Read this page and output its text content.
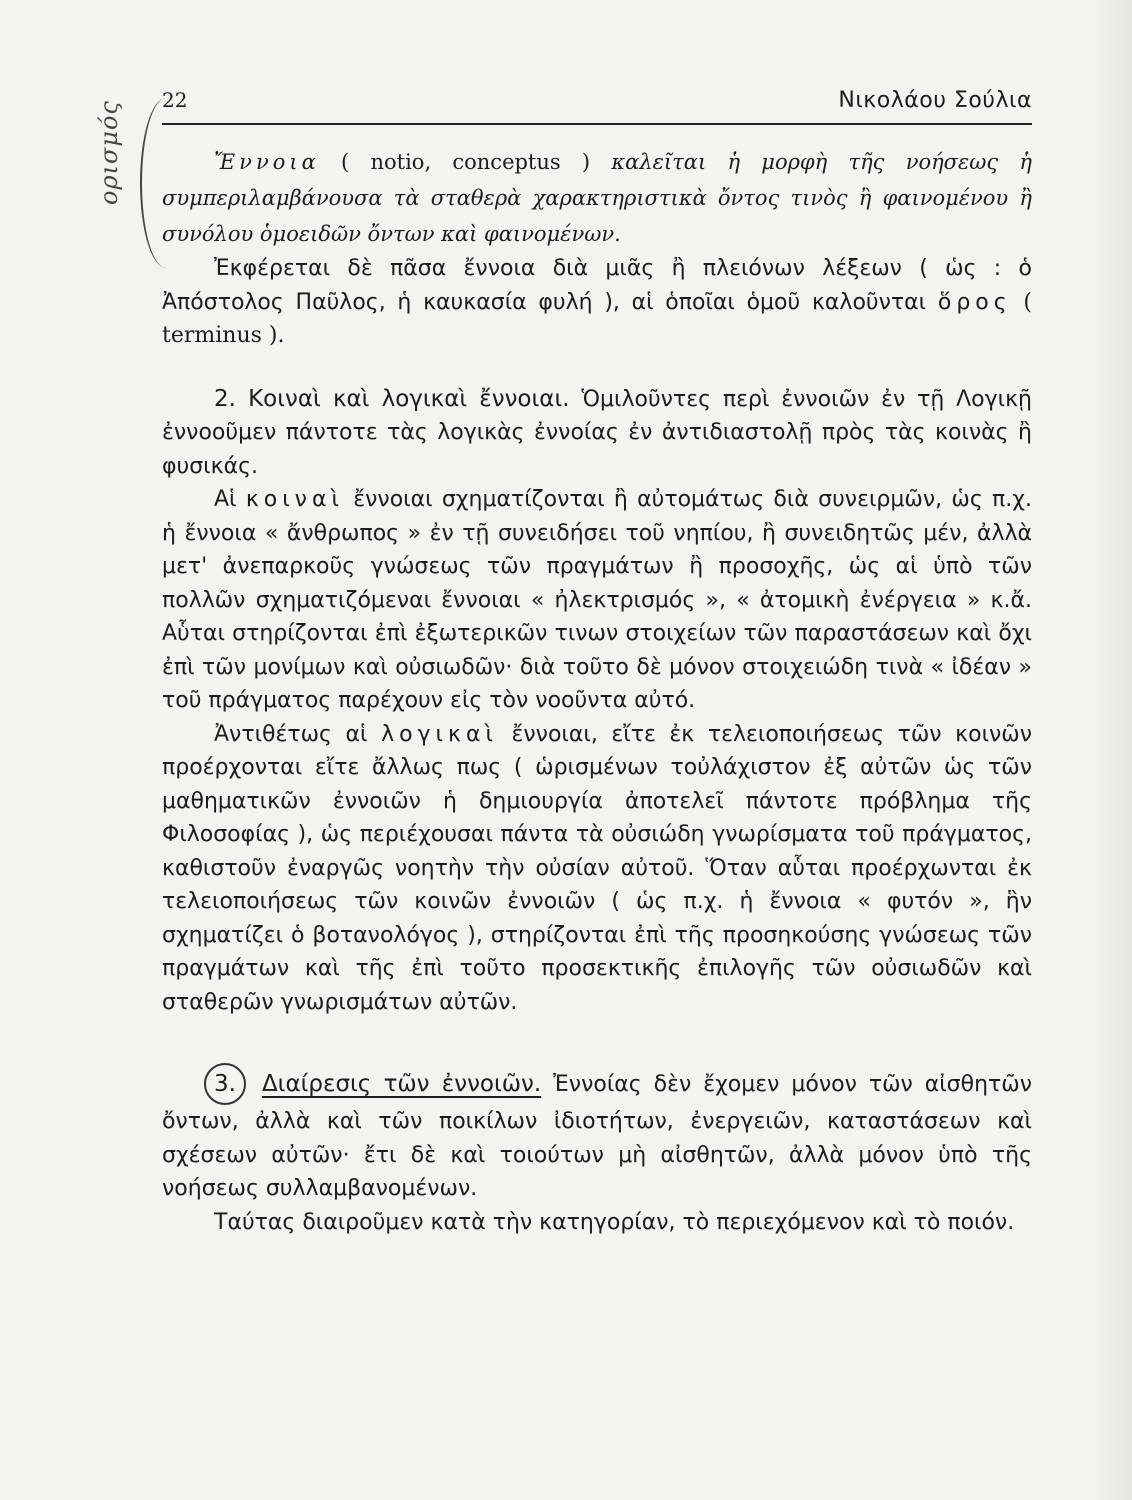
ορισμός
22	Νικολάου Σούλια

Ἔννοια ( notio, conceptus ) καλεῖται ἡ μορφὴ τῆς νοήσεως ἡ συμπεριλαμβάνουσα τὰ σταθερὰ χαρακτηριστικὰ ὄντος τινὸς ἢ φαινομένου ἢ συνόλου ὁμοειδῶν ὄντων καὶ φαινομένων.

Ἐκφέρεται δὲ πᾶσα ἔννοια διὰ μιᾶς ἢ πλειόνων λέξεων ( ὡς : ὁ Ἀπόστολος Παῦλος, ἡ καυκασία φυλή ), αἱ ὁποῖαι ὁμοῦ καλοῦνται ὅρος ( terminus ).

2. Κοιναὶ καὶ λογικαὶ ἔννοιαι. Ὁμιλοῦντες περὶ ἐννοιῶν ἐν τῇ Λογικῇ ἐννοοῦμεν πάντοτε τὰς λογικὰς ἐννοίας ἐν ἀντιδιαστολῇ πρὸς τὰς κοινὰς ἢ φυσικάς.

Αἱ κοιναὶ ἔννοιαι σχηματίζονται ἢ αὐτομάτως διὰ συνειρμῶν, ὡς π.χ. ἡ ἔννοια « ἄνθρωπος » ἐν τῇ συνειδήσει τοῦ νηπίου, ἢ συνειδητῶς μέν, ἀλλὰ μετ' ἀνεπαρκοῦς γνώσεως τῶν πραγμάτων ἢ προσοχῆς, ὡς αἱ ὑπὸ τῶν πολλῶν σχηματιζόμεναι ἔννοιαι « ἠλεκτρισμός », « ἀτομικὴ ἐνέργεια » κ.ἄ. Αὗται στηρίζονται ἐπὶ ἐξωτερικῶν τινων στοιχείων τῶν παραστάσεων καὶ ὄχι ἐπὶ τῶν μονίμων καὶ οὐσιωδῶν· διὰ τοῦτο δὲ μόνον στοιχειώδη τινὰ « ἰδέαν » τοῦ πράγματος παρέχουν εἰς τὸν νοοῦντα αὐτό.

Ἀντιθέτως αἱ λογικαὶ ἔννοιαι, εἴτε ἐκ τελειοποιήσεως τῶν κοινῶν προέρχονται εἴτε ἄλλως πως ( ὡρισμένων τοὐλάχιστον ἐξ αὐτῶν ὡς τῶν μαθηματικῶν ἐννοιῶν ἡ δημιουργία ἀποτελεῖ πάντοτε πρόβλημα τῆς Φιλοσοφίας ), ὡς περιέχουσαι πάντα τὰ οὐσιώδη γνωρίσματα τοῦ πράγματος, καθιστοῦν ἐναργῶς νοητὴν τὴν οὐσίαν αὐτοῦ. Ὅταν αὗται προέρχωνται ἐκ τελειοποιήσεως τῶν κοινῶν ἐννοιῶν ( ὡς π.χ. ἡ ἔννοια « φυτόν », ἣν σχηματίζει ὁ βοτανολόγος ), στηρίζονται ἐπὶ τῆς προσηκούσης γνώσεως τῶν πραγμάτων καὶ τῆς ἐπὶ τοῦτο προσεκτικῆς ἐπιλογῆς τῶν οὐσιωδῶν καὶ σταθερῶν γνωρισμάτων αὐτῶν.

3. Διαίρεσις τῶν ἐννοιῶν. Ἐννοίας δὲν ἔχομεν μόνον τῶν αἰσθητῶν ὄντων, ἀλλὰ καὶ τῶν ποικίλων ἰδιοτήτων, ἐνεργειῶν, καταστάσεων καὶ σχέσεων αὐτῶν· ἔτι δὲ καὶ τοιούτων μὴ αἰσθητῶν, ἀλλὰ μόνον ὑπὸ τῆς νοήσεως συλλαμβανομένων.

Ταύτας διαιροῦμεν κατὰ τὴν κατηγορίαν, τὸ περιεχόμενον καὶ τὸ ποιόν.
